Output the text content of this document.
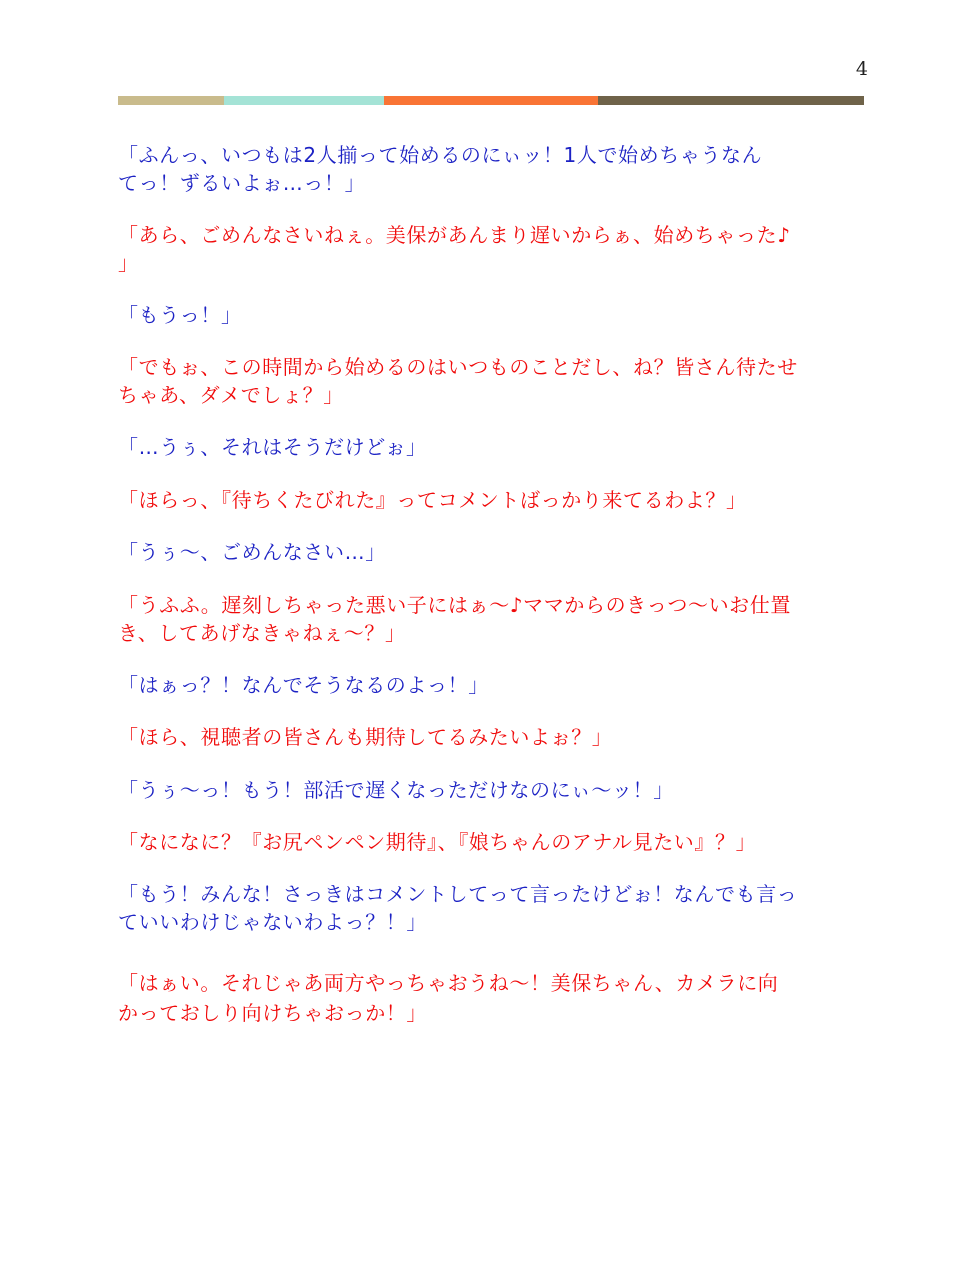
4

「ふんっ、いつもは2人揃って始めるのにぃッ！1人で始めちゃうなん
てっ！ずるいよぉ…っ！」

「あら、ごめんなさいねぇ。美保があんまり遅いからぁ、始めちゃった♪
」

「もうっ！」

「でもぉ、この時間から始めるのはいつものことだし、ね？皆さん待たせ
ちゃあ、ダメでしょ？」

「…うぅ、それはそうだけどぉ」

「ほらっ、『待ちくたびれた』ってコメントばっかり来てるわよ？」

「うぅ〜、ごめんなさい…」

「うふふ。遅刻しちゃった悪い子にはぁ〜♪ママからのきっつ〜いお仕置
き、してあげなきゃねぇ〜？」

「はぁっ？！なんでそうなるのよっ！」

「ほら、視聴者の皆さんも期待してるみたいよぉ？」

「うぅ〜っ！もう！部活で遅くなっただけなのにぃ〜ッ！」

「なになに？『お尻ペンペン期待』、『娘ちゃんのアナル見たい』？」

「もう！みんな！さっきはコメントしてって言ったけどぉ！なんでも言っ
ていいわけじゃないわよっ？！」

「はぁい。それじゃあ両方やっちゃおうね〜！美保ちゃん、カメラに向
かっておしり向けちゃおっか！」
